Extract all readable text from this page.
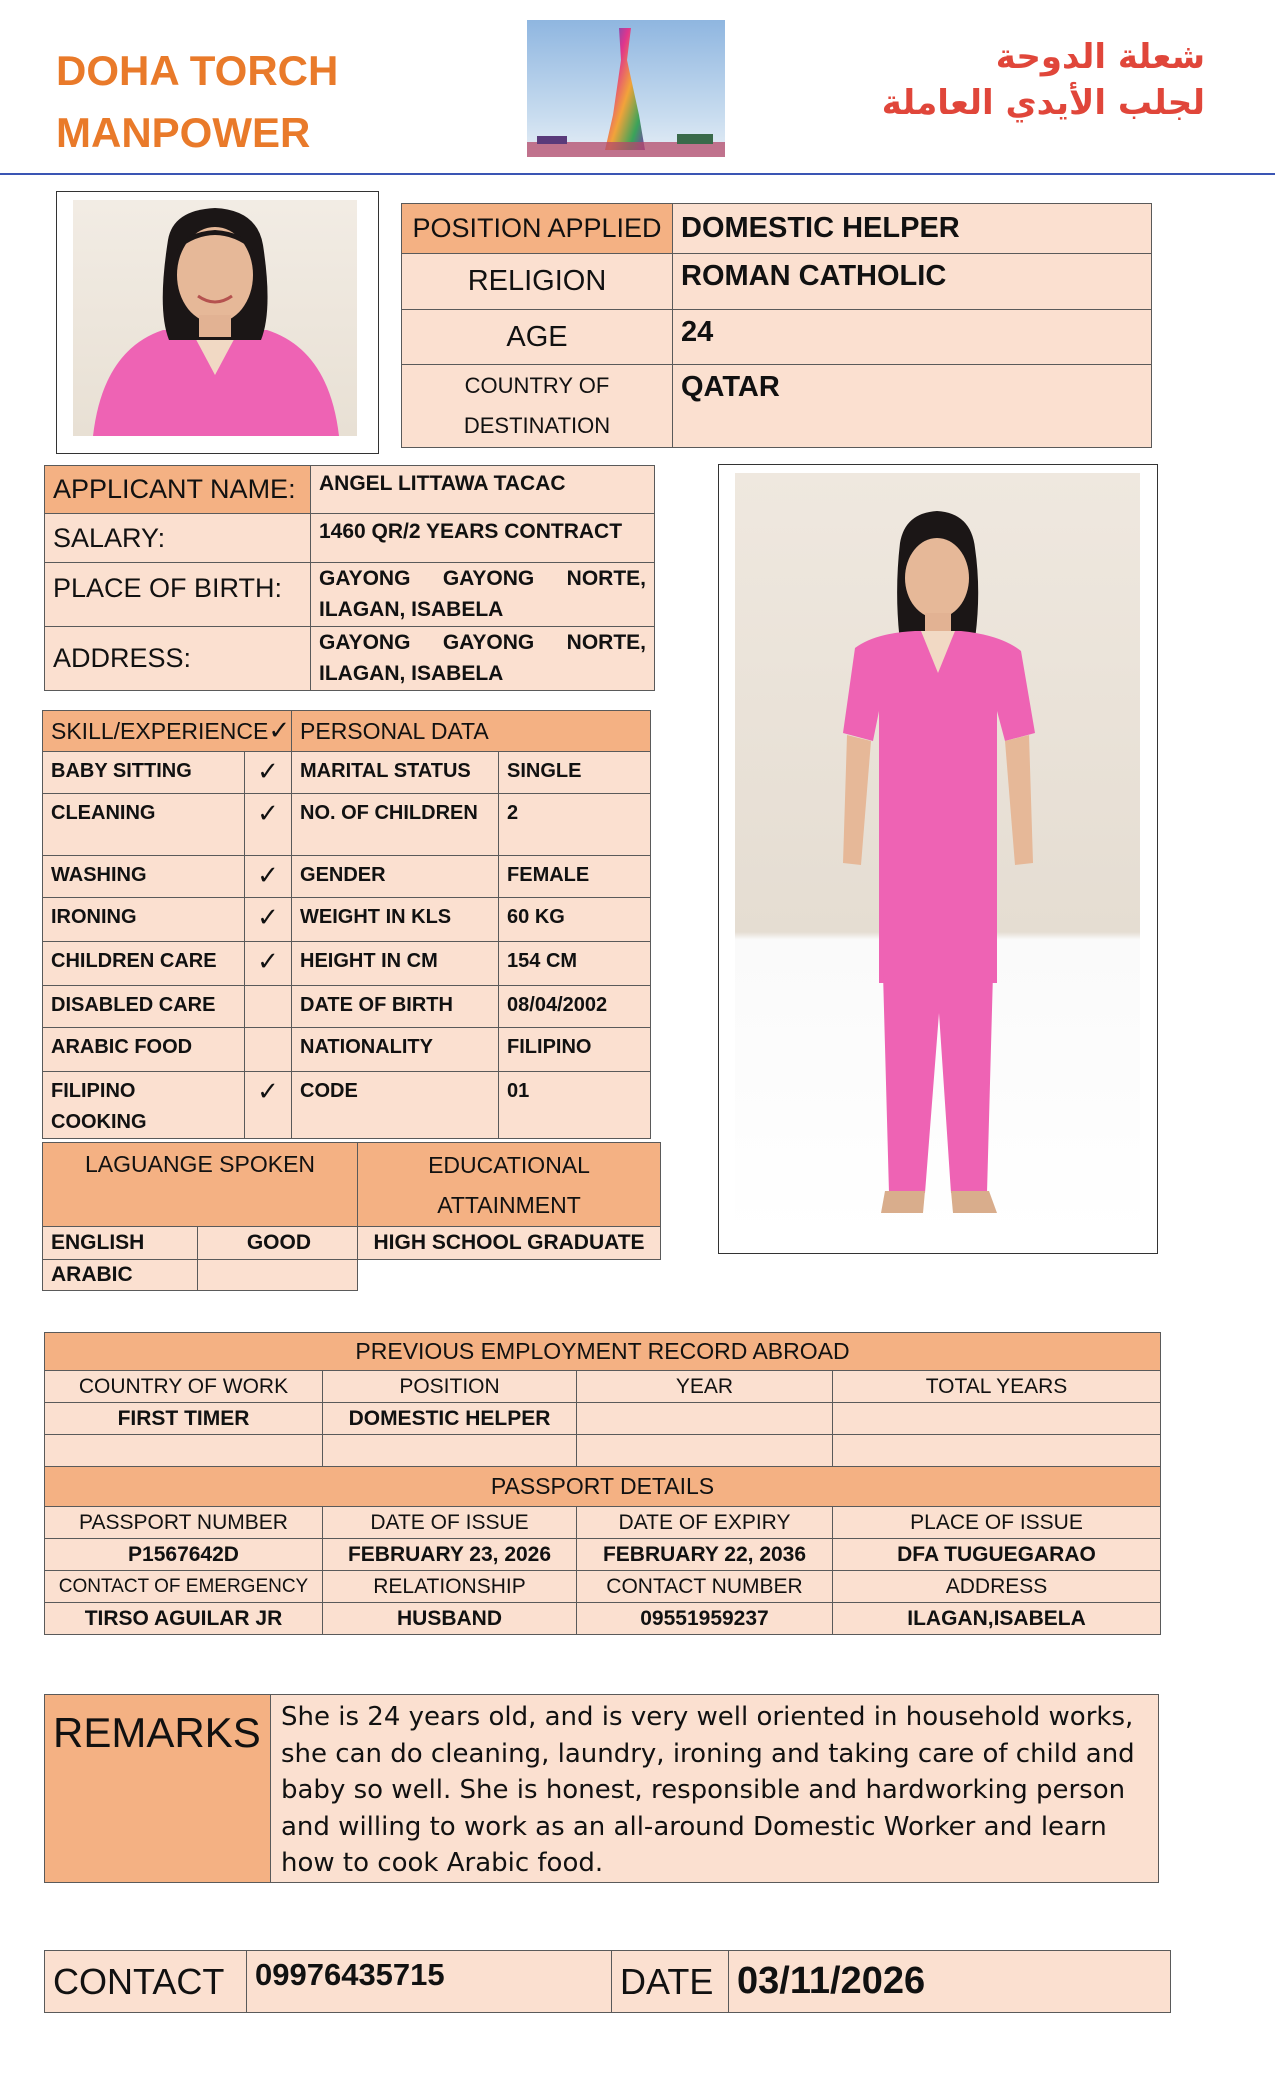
DOHA TORCH
MANPOWER
شعلة الدوحة
لجلب الأيدي العاملة
POSITION APPLIED	DOMESTIC HELPER
RELIGION	ROMAN CATHOLIC
AGE	24

COUNTRY OF
DESTINATION	QATAR
APPLICANT NAME:	ANGEL LITTAWA TACAC
SALARY:	1460 QR/2 YEARS CONTRACT
PLACE OF BIRTH:	GAYONG GAYONG NORTE,
ILAGAN, ISABELA

ADDRESS:	GAYONG GAYONG NORTE,
ILAGAN, ISABELA
SKILL/EXPERIENCE✓		PERSONAL DATA	
BABY SITTING	✓	MARITAL STATUS	SINGLE
CLEANING	✓	NO. OF CHILDREN	2
WASHING	✓	GENDER	FEMALE
IRONING	✓	WEIGHT IN KLS	60 KG
CHILDREN CARE	✓	HEIGHT IN CM	154 CM
DISABLED CARE		DATE OF BIRTH	08/04/2002
ARABIC FOOD		NATIONALITY	FILIPINO
FILIPINO COOKING	✓	CODE	01
LAGUANGE SPOKEN		EDUCATIONAL
ATTAINMENT

ENGLISH	GOOD	HIGH SCHOOL GRADUATE
ARABIC		
PREVIOUS EMPLOYMENT RECORD ABROAD			
COUNTRY OF WORK	POSITION	YEAR	TOTAL YEARS
FIRST TIMER	DOMESTIC HELPER		

PASSPORT DETAILS			
PASSPORT NUMBER	DATE OF ISSUE	DATE OF EXPIRY	PLACE OF ISSUE
P1567642D	FEBRUARY 23, 2026	FEBRUARY 22, 2036	DFA TUGUEGARAO
CONTACT OF EMERGENCY	RELATIONSHIP	CONTACT NUMBER	ADDRESS
TIRSO AGUILAR JR	HUSBAND	09551959237	ILAGAN,ISABELA
REMARKS	She is 24 years old, and is very well oriented in household works, she can do cleaning, laundry, ironing and taking care of child and baby so well. She is honest, responsible and hardworking person and willing to work as an all-around Domestic Worker and learn how to cook Arabic food.
CONTACT	09976435715	DATE	03/11/2026
